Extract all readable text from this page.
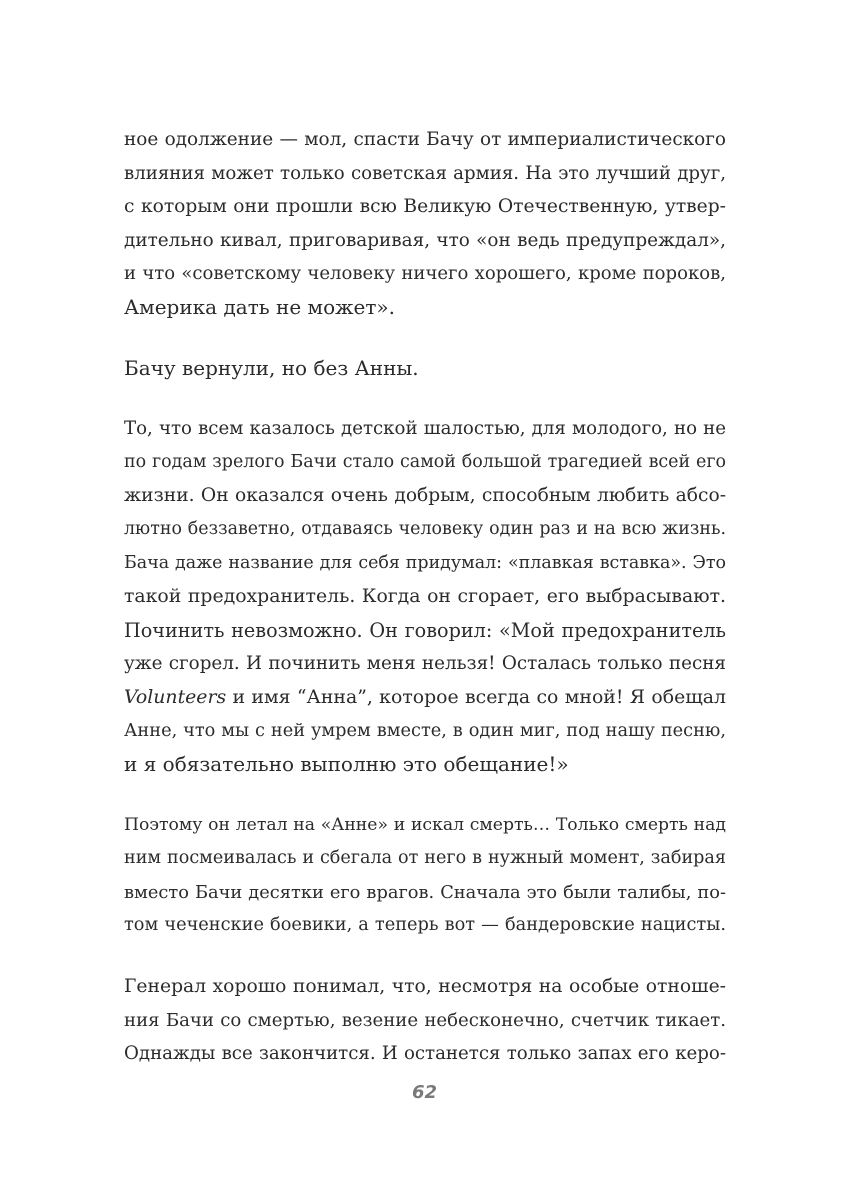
ное одолжение — мол, спасти Бачу от империалистического
влияния может только советская армия. На это лучший друг,
с которым они прошли всю Великую Отечественную, утвер-
дительно кивал, приговаривая, что «он ведь предупреждал»,
и что «советскому человеку ничего хорошего, кроме пороков,
Америка дать не может».

Бачу вернули, но без Анны.

То, что всем казалось детской шалостью, для молодого, но не
по годам зрелого Бачи стало самой большой трагедией всей его
жизни. Он оказался очень добрым, способным любить абсо-
лютно беззаветно, отдаваясь человеку один раз и на всю жизнь.
Бача даже название для себя придумал: «плавкая вставка». Это
такой предохранитель. Когда он сгорает, его выбрасывают.
Починить невозможно. Он говорил: «Мой предохранитель
уже сгорел. И починить меня нельзя! Осталась только песня
Volunteers и имя “Анна”, которое всегда со мной! Я обещал
Анне, что мы с ней умрем вместе, в один миг, под нашу песню,
и я обязательно выполню это обещание!»

Поэтому он летал на «Анне» и искал смерть… Только смерть над
ним посмеивалась и сбегала от него в нужный момент, забирая
вместо Бачи десятки его врагов. Сначала это были талибы, по-
том чеченские боевики, а теперь вот — бандеровские нацисты.

Генерал хорошо понимал, что, несмотря на особые отноше-
ния Бачи со смертью, везение небесконечно, счетчик тикает.
Однажды все закончится. И останется только запах его керо-

62
